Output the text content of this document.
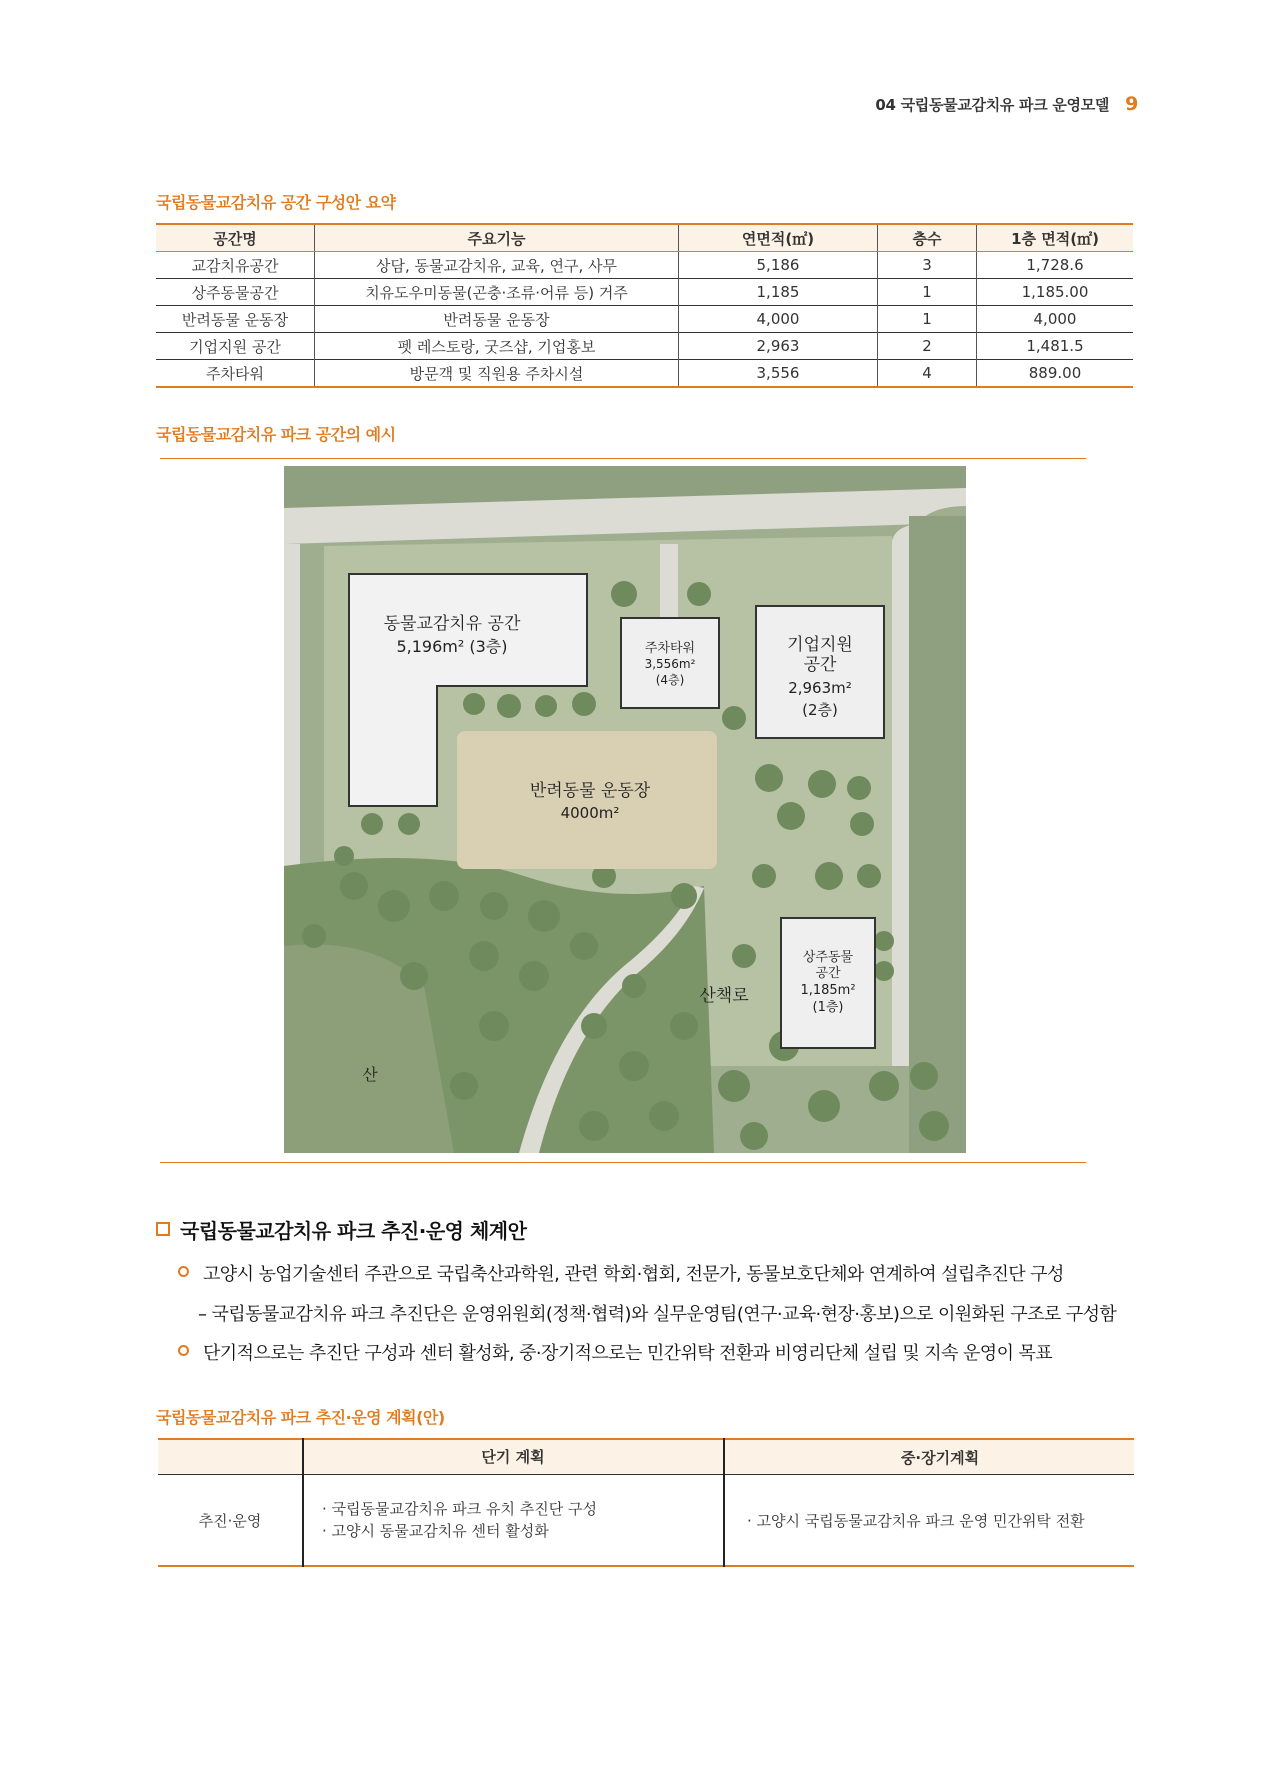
04 국립동물교감치유 파크 운영모델 9
국립동물교감치유 공간 구성안 요약
공간명	주요기능	연면적(㎡)	층수	1층 면적(㎡)
교감치유공간	상담, 동물교감치유, 교육, 연구, 사무	5,186	3	1,728.6
상주동물공간	치유도우미동물(곤충·조류·어류 등) 거주	1,185	1	1,185.00
반려동물 운동장	반려동물 운동장	4,000	1	4,000
기업지원 공간	펫 레스토랑, 굿즈샵, 기업홍보	2,963	2	1,481.5
주차타워	방문객 및 직원용 주차시설	3,556	4	889.00
국립동물교감치유 파크 공간의 예시
동물교감치유 공간
5,196m² (3층)	주차타워
3,556m²
(4층)
기업지원
공간
2,963m²
(2층)
반려동물 운동장
4000m²
상주동물
공간
1,185m²
(1층)
산책로
산
국립동물교감치유 파크 추진·운영 체계안
고양시 농업기술센터 주관으로 국립축산과학원, 관련 학회·협회, 전문가, 동물보호단체와 연계하여 설립추진단 구성
– 국립동물교감치유 파크 추진단은 운영위원회(정책·협력)와 실무운영팀(연구·교육·현장·홍보)으로 이원화된 구조로 구성함
단기적으로는 추진단 구성과 센터 활성화, 중·장기적으로는 민간위탁 전환과 비영리단체 설립 및 지속 운영이 목표
국립동물교감치유 파크 추진·운영 계획(안)
	단기 계획	중·장기계획
추진·운영	· 국립동물교감치유 파크 유치 추진단 구성
· 고양시 동물교감치유 센터 활성화	· 고양시 국립동물교감치유 파크 운영 민간위탁 전환
